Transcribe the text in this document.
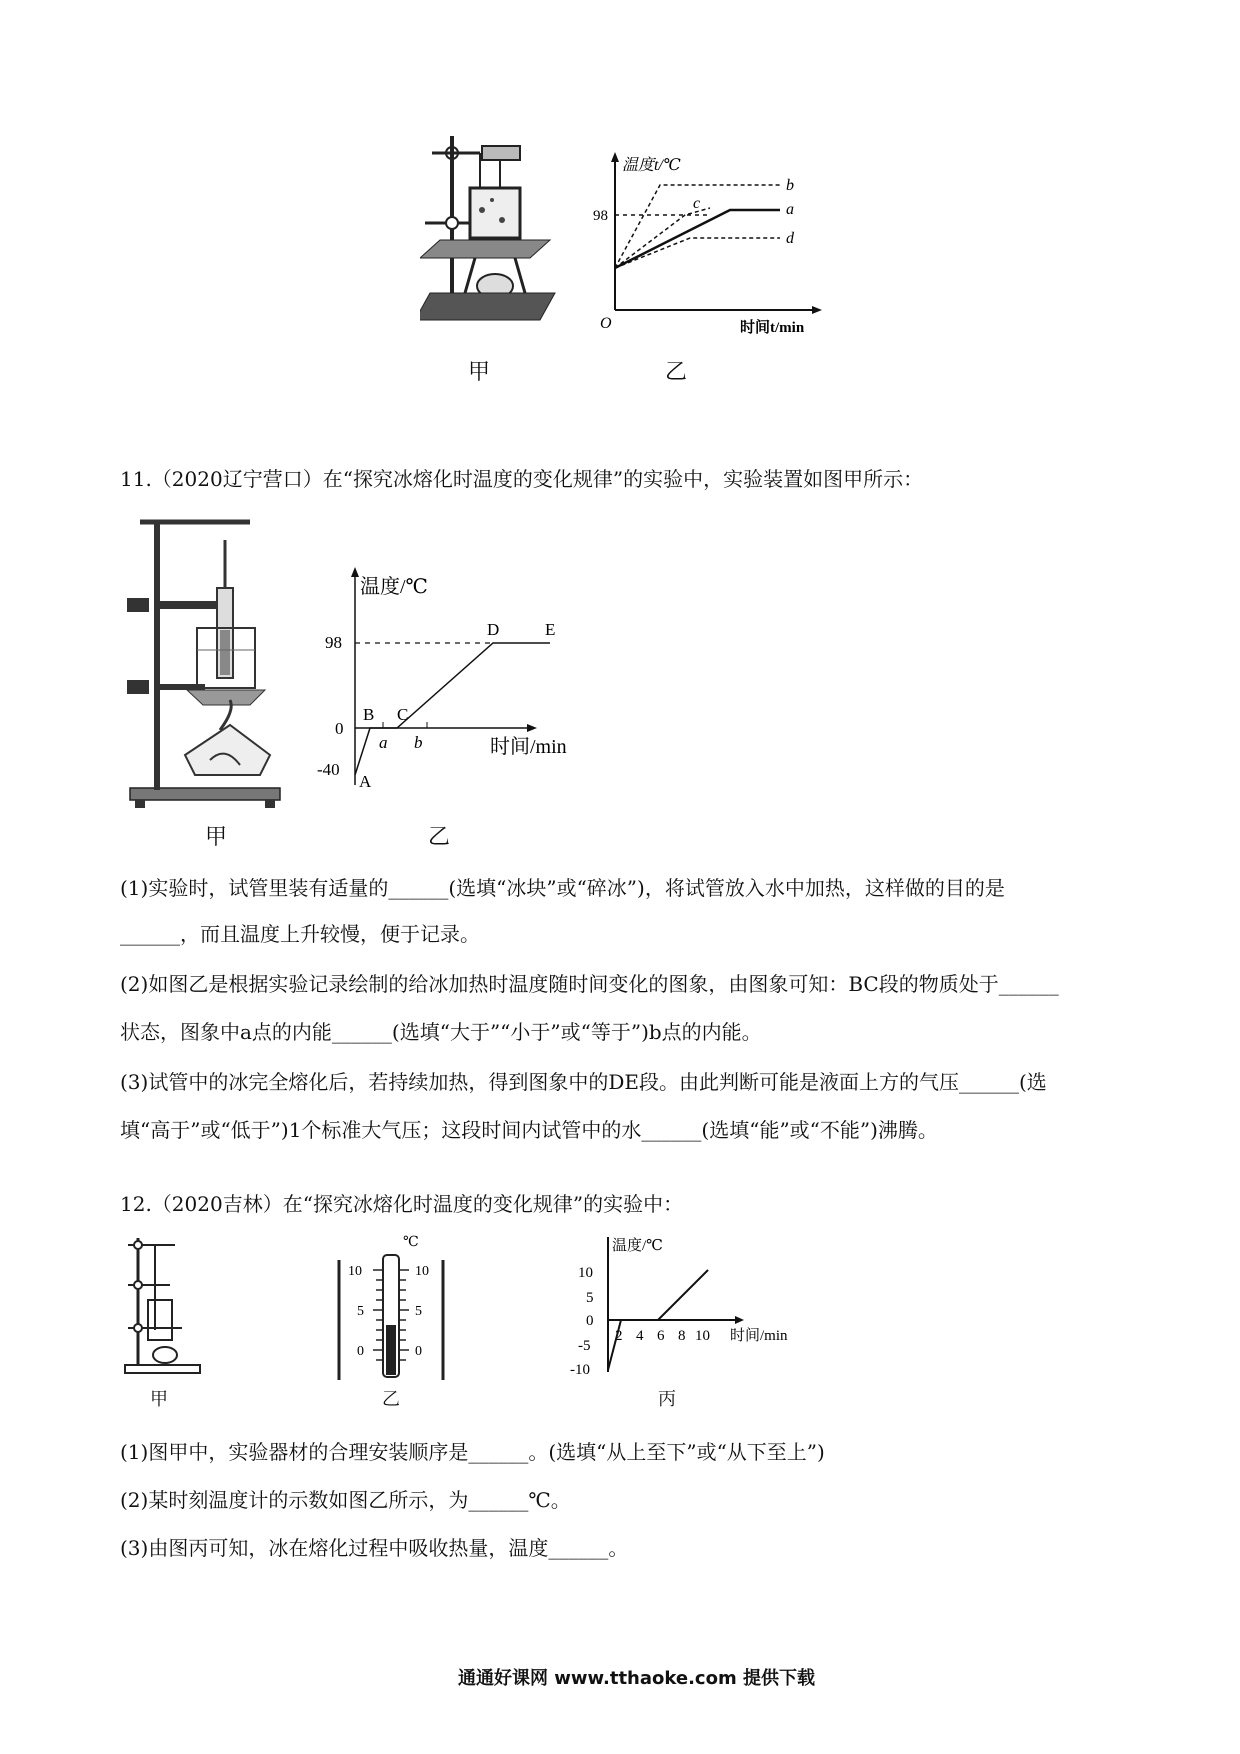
甲
温度t/℃
时间t/min
O
98
b
c	a
d
乙
11.（2020辽宁营口）在“探究冰熔化时温度的变化规律”的实验中，实验装置如图甲所示：
甲
温度/℃
时间/min
98
0
-40
A
B C
D	E
a b
乙
(1)实验时，试管里装有适量的______(选填“冰块”或“碎冰”)，将试管放入水中加热，这样做的目的是
______，而且温度上升较慢，便于记录。
(2)如图乙是根据实验记录绘制的给冰加热时温度随时间变化的图象，由图象可知：BC段的物质处于______
状态，图象中a点的内能______(选填“大于”“小于”或“等于”)b点的内能。
(3)试管中的冰完全熔化后，若持续加热，得到图象中的DE段。由此判断可能是液面上方的气压______(选
填“高于”或“低于”)1个标准大气压；这段时间内试管中的水______(选填“能”或“不能”)沸腾。
12.（2020吉林）在“探究冰熔化时温度的变化规律”的实验中：
甲
℃
10	10
5	5
0	0
乙
温度/℃
时间/min
10
5
0
-5
-10
2 4 6 8 10
丙
(1)图甲中，实验器材的合理安装顺序是______。(选填“从上至下”或“从下至上”)
(2)某时刻温度计的示数如图乙所示，为______℃。
(3)由图丙可知，冰在熔化过程中吸收热量，温度______。
通通好课网 www.tthaoke.com 提供下载
